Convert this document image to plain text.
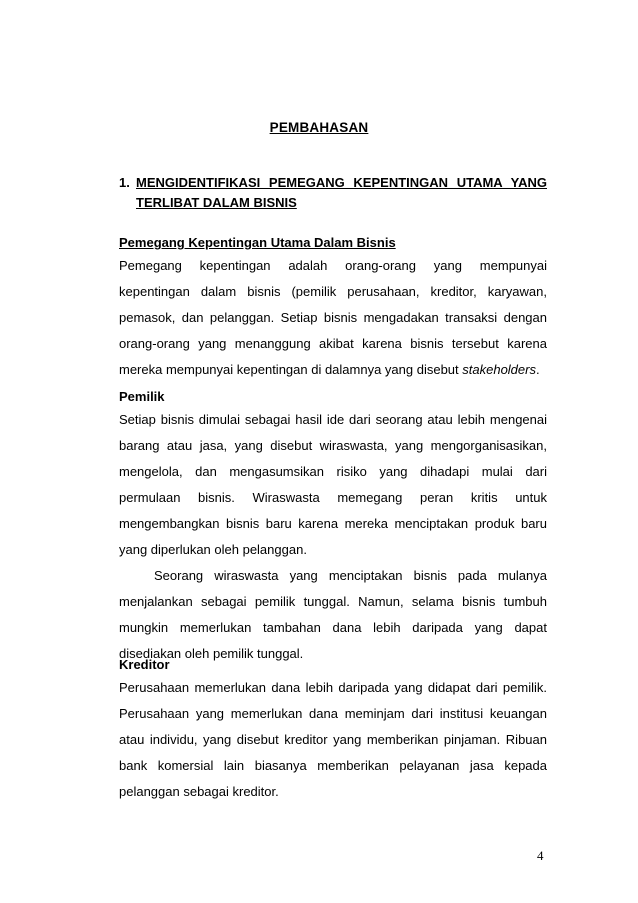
PEMBAHASAN
1. MENGIDENTIFIKASI PEMEGANG KEPENTINGAN UTAMA YANG
TERLIBAT DALAM BISNIS
Pemegang Kepentingan Utama Dalam Bisnis
Pemegang kepentingan adalah orang-orang yang mempunyai
kepentingan dalam bisnis (pemilik perusahaan, kreditor, karyawan,
pemasok, dan pelanggan. Setiap bisnis mengadakan transaksi dengan
orang-orang yang menanggung akibat karena bisnis tersebut karena
mereka mempunyai kepentingan di dalamnya yang disebut stakeholders.
Pemilik
Setiap bisnis dimulai sebagai hasil ide dari seorang atau lebih mengenai
barang atau jasa, yang disebut wiraswasta, yang mengorganisasikan,
mengelola, dan mengasumsikan risiko yang dihadapi mulai dari
permulaan bisnis. Wiraswasta memegang peran kritis untuk
mengembangkan bisnis baru karena mereka menciptakan produk baru
yang diperlukan oleh pelanggan.
Seorang wiraswasta yang menciptakan bisnis pada mulanya
menjalankan sebagai pemilik tunggal. Namun, selama bisnis tumbuh
mungkin memerlukan tambahan dana lebih daripada yang dapat
disediakan oleh pemilik tunggal.
Kreditor
Perusahaan memerlukan dana lebih daripada yang didapat dari pemilik.
Perusahaan yang memerlukan dana meminjam dari institusi keuangan
atau individu, yang disebut kreditor yang memberikan pinjaman. Ribuan
bank komersial lain biasanya memberikan pelayanan jasa kepada
pelanggan sebagai kreditor.
4
